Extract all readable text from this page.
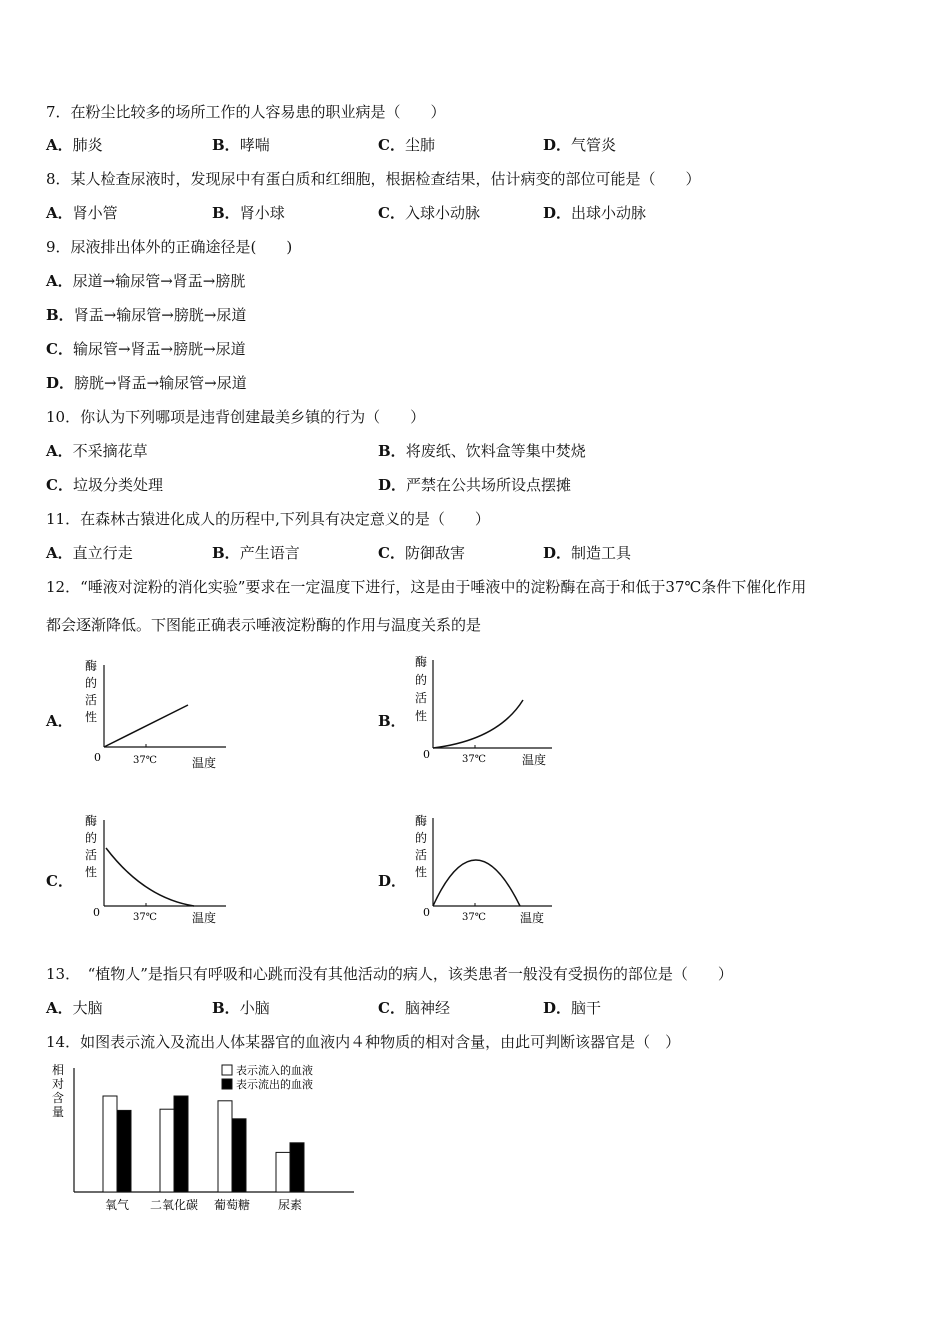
7．在粉尘比较多的场所工作的人容易患的职业病是（　　）
A．肺炎	B．哮喘	C．尘肺	D．气管炎
8．某人检查尿液时，发现尿中有蛋白质和红细胞，根据检查结果，估计病变的部位可能是（　　）
A．肾小管	B．肾小球	C．入球小动脉	D．出球小动脉
9．尿液排出体外的正确途径是(　　)
A．尿道→输尿管→肾盂→膀胱
B．肾盂→输尿管→膀胱→尿道
C．输尿管→肾盂→膀胱→尿道
D．膀胱→肾盂→输尿管→尿道
10．你认为下列哪项是违背创建最美乡镇的行为（　　）
A．不采摘花草	B．将废纸、饮料盒等集中焚烧
C．垃圾分类处理	D．严禁在公共场所设点摆摊
11．在森林古猿进化成人的历程中,下列具有决定意义的是（　　）
A．直立行走	B．产生语言	C．防御敌害	D．制造工具
12．“唾液对淀粉的消化实验”要求在一定温度下进行，这是由于唾液中的淀粉酶在高于和低于37℃条件下催化作用
都会逐渐降低。下图能正确表示唾液淀粉酶的作用与温度关系的是
A．	B．
C．	D．
酶
的
活
性
0	37℃	温度
酶
的
活
性
0	37℃	温度
酶
的
活
性
0	37℃	温度
酶
的
活
性
0	37℃	温度
13．　“植物人”是指只有呼吸和心跳而没有其他活动的病人，该类患者一般没有受损伤的部位是（　　）
A．大脑	B．小脑	C．脑神经	D．脑干
14．如图表示流入及流出人体某器官的血液内４种物质的相对含量，由此可判断该器官是（　）
相
对
含
量
表示流入的血液
表示流出的血液
氧气 二氧化碳 葡萄糖 尿素
